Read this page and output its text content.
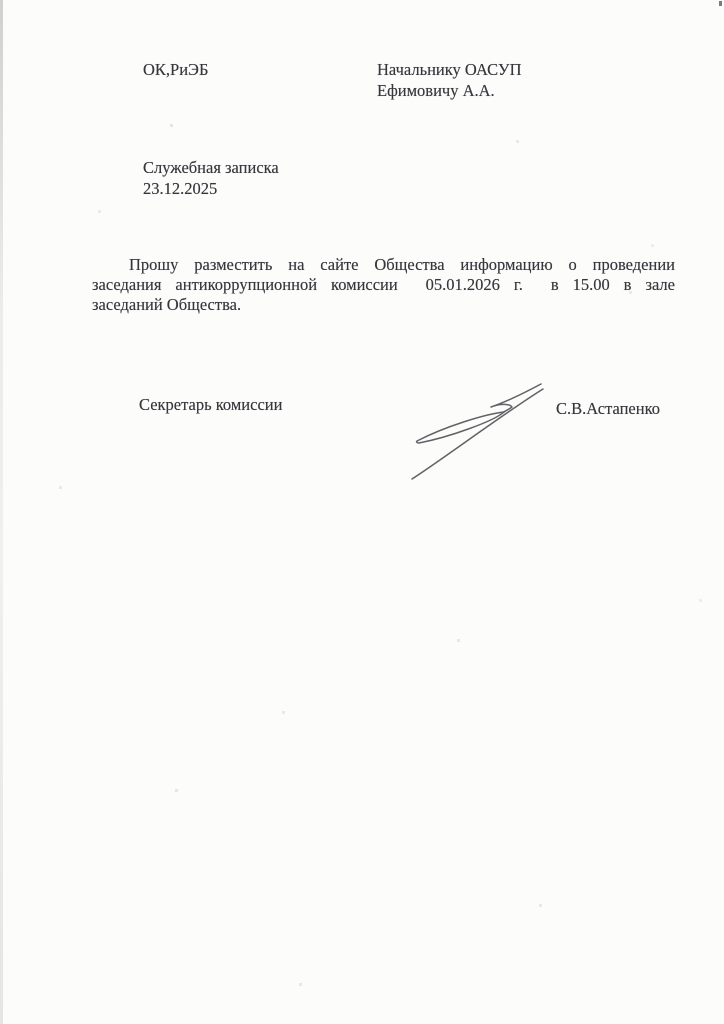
ОК,РиЭБ	Начальнику ОАСУП
Ефимовичу А.А.
Служебная записка
23.12.2025
Прошу разместить на сайте Общества информацию о проведении
заседания антикоррупционной комиссии  05.01.2026 г.  в 15.00 в зале
заседаний Общества.
Секретарь комиссии	С.В.Астапенко
